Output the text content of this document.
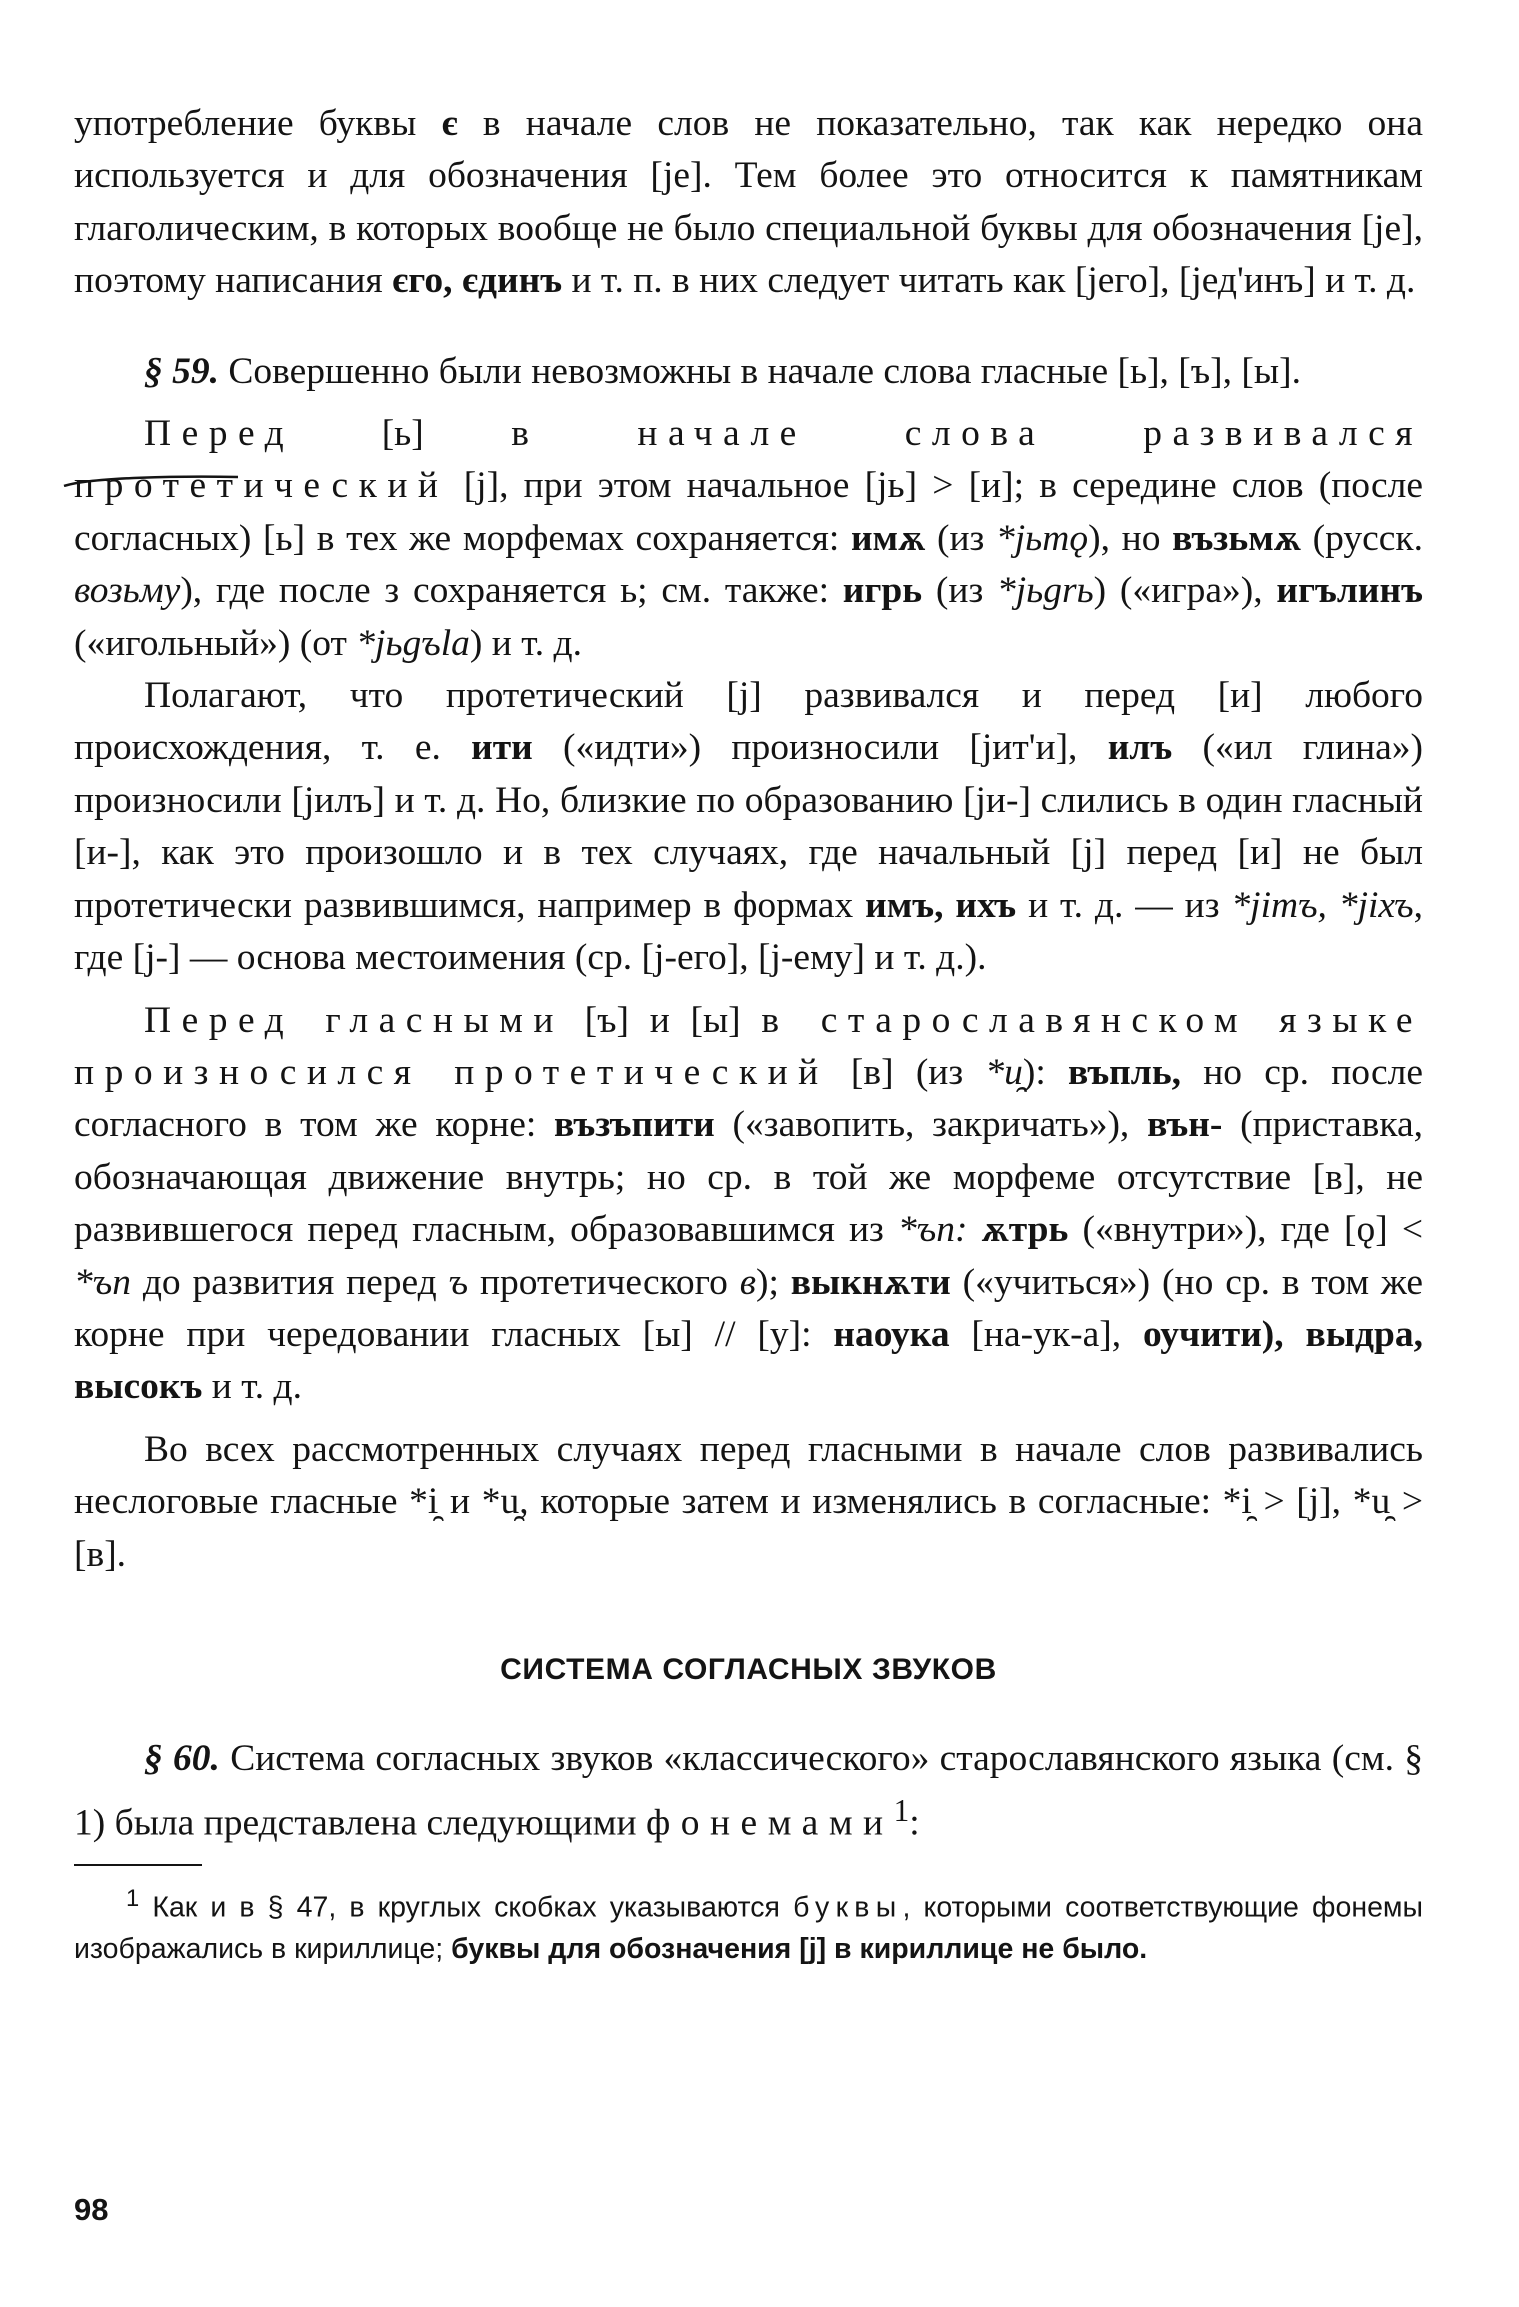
употребление буквы є в начале слов не показательно, так как нередко она используется и для обозначения [je]. Тем более это относится к памятникам глаголическим, в которых вообще не было специальной буквы для обозначения [je], поэтому написания єго, єдинъ и т. п. в них следует читать как [jего], [jед'инъ] и т. д.

§ 59. Совершенно были невозможны в начале слова гласные [ь], [ъ], [ы].

Перед [ь] в начале слова развивался протетический [j], при этом начальное [jь] > [и]; в середине слов (после согласных) [ь] в тех же морфемах сохраняется: имѫ (из *jьmǫ), но възьмѫ (русск. возьму), где после з сохраняется ь; см. также: игрь (из *jьgrь) («игра»), игълинъ («игольный») (от *jьgъla) и т. д.

Полагают, что протетический [j] развивался и перед [и] любого происхождения, т. е. ити («идти») произносили [jит'и], илъ («ил глина») произносили [jилъ] и т. д. Но, близкие по образованию [jи-] слились в один гласный [и-], как это произошло и в тех случаях, где начальный [j] перед [и] не был протетически развившимся, например в формах имъ, ихъ и т. д. — из *jimъ, *jiхъ, где [j-] — основа местоимения (ср. [j-его], [j-ему] и т. д.).

Перед гласными [ъ] и [ы] в старославянском языке произносился протетический [в] (из *u̯): въпль, но ср. после согласного в том же корне: възъпити («завопить, закричать»), вън- (приставка, обозначающая движение внутрь; но ср. в той же морфеме отсутствие [в], не развившегося перед гласным, образовавшимся из *ъn: ѫтрь («внутри»), где [ǫ] < *ъn до развития перед ъ протетического в); выкнѫти («учиться») (но ср. в том же корне при чередовании гласных [ы] // [у]: наоука [на-ук-а], оучити), выдра, высокъ и т. д.

Во всех рассмотренных случаях перед гласными в начале слов развивались неслоговые гласные *i̯ и *u̯, которые затем и изменялись в согласные: *i̯ > [j], *u̯ > [в].

СИСТЕМА СОГЛАСНЫХ ЗВУКОВ

§ 60. Система согласных звуков «классического» старославянского языка (см. § 1) была представлена следующими фонемами$^1$:

$^1$ Как и в § 47, в круглых скобках указываются буквы, которыми соответствующие фонемы изображались в кириллице; буквы для обозначения [j] в кириллице не было.

98
